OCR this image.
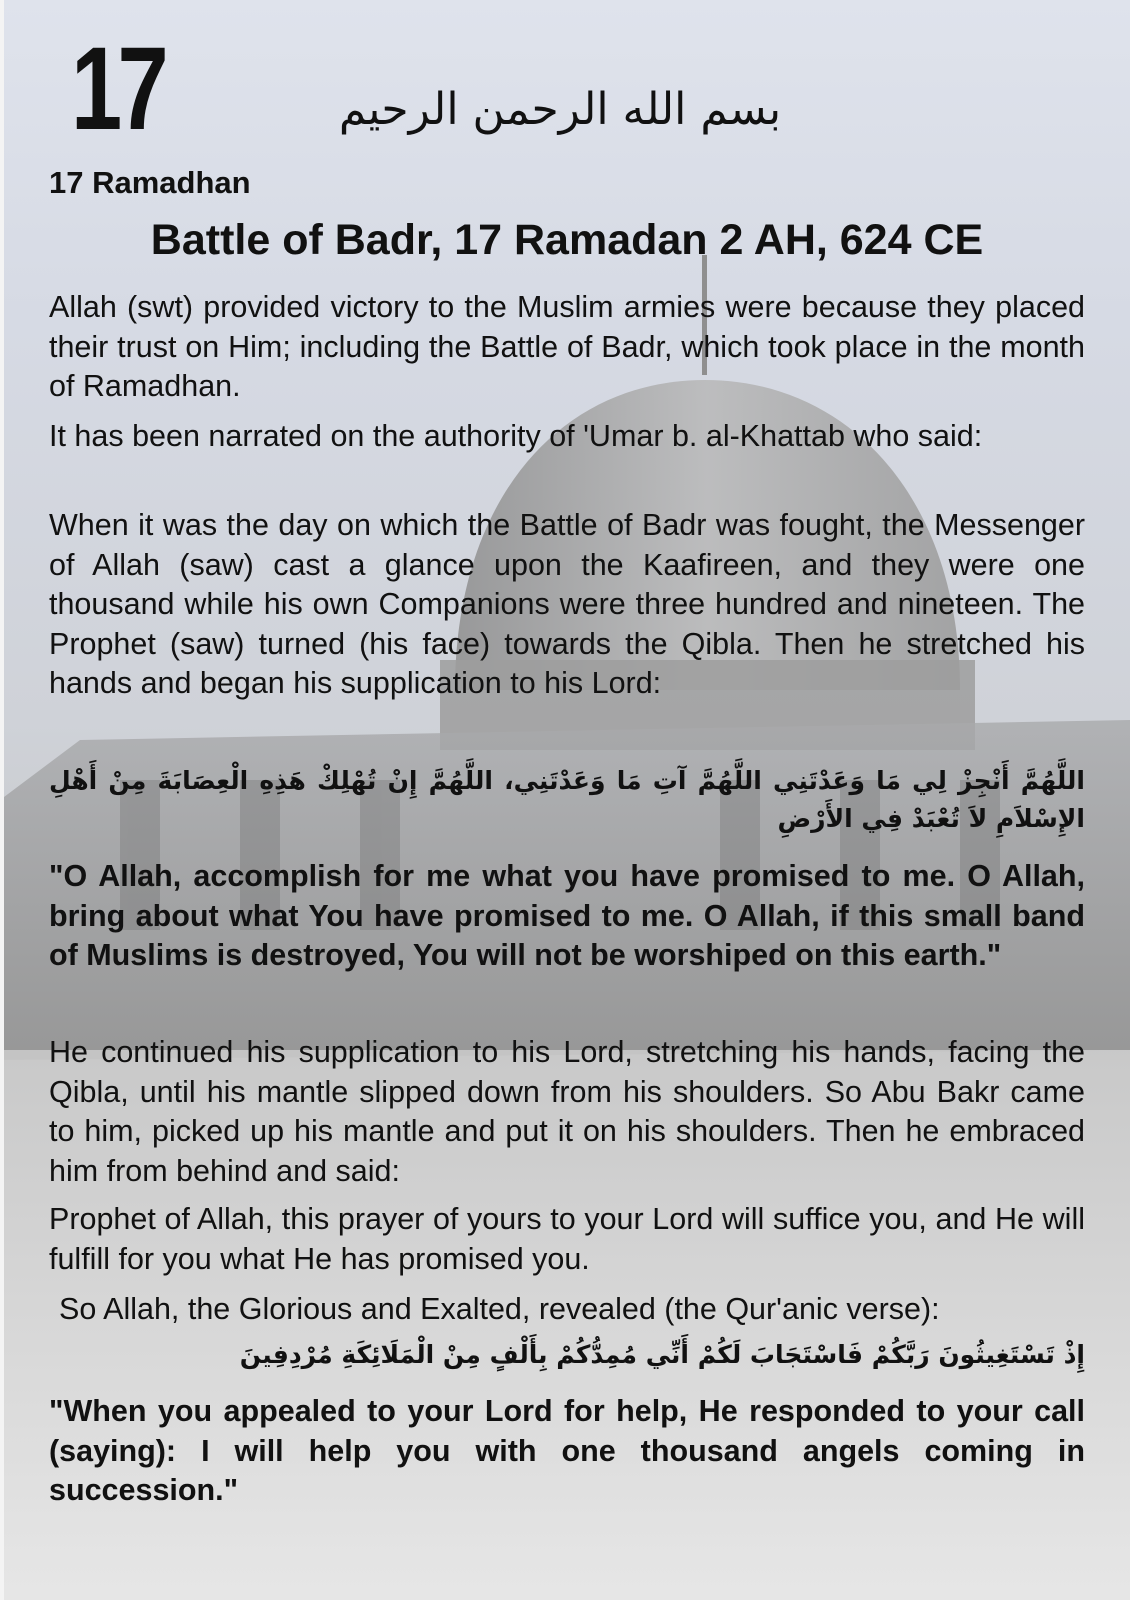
17	بسم الله الرحمن الرحيم
17 Ramadhan
Battle of Badr, 17 Ramadan 2 AH, 624 CE
Allah (swt) provided victory to the Muslim armies were because they placed their trust on Him; including the Battle of Badr, which took place in the month of Ramadhan.
It has been narrated on the authority of 'Umar b. al-Khattab who said:
When it was the day on which the Battle of Badr was fought, the Messenger of Allah (saw) cast a glance upon the Kaafireen, and they were one thousand while his own Companions were three hundred and nineteen. The Prophet (saw) turned (his face) towards the Qibla. Then he stretched his hands and began his supplication to his Lord:
اللَّهُمَّ أَنْجِزْ لِي مَا وَعَدْتَنِي اللَّهُمَّ آتِ مَا وَعَدْتَنِي، اللَّهُمَّ إِنْ تُهْلِكْ هَذِهِ الْعِصَابَةَ مِنْ أَهْلِ الإِسْلاَمِ لاَ تُعْبَدْ فِي الأَرْضِ
"O Allah, accomplish for me what you have promised to me. O Allah, bring about what You have promised to me. O Allah, if this small band of Muslims is destroyed, You will not be worshiped on this earth."
He continued his supplication to his Lord, stretching his hands, facing the Qibla, until his mantle slipped down from his shoulders. So Abu Bakr came to him, picked up his mantle and put it on his shoulders. Then he embraced him from behind and said:
Prophet of Allah, this prayer of yours to your Lord will suffice you, and He will fulfill for you what He has promised you.
So Allah, the Glorious and Exalted, revealed (the Qur'anic verse):
إِذْ تَسْتَغِيثُونَ رَبَّكُمْ فَاسْتَجَابَ لَكُمْ أَنِّي مُمِدُّكُمْ بِأَلْفٍ مِنْ الْمَلَائِكَةِ مُرْدِفِينَ
"When you appealed to your Lord for help, He responded to your call (saying): I will help you with one thousand angels coming in succession."
